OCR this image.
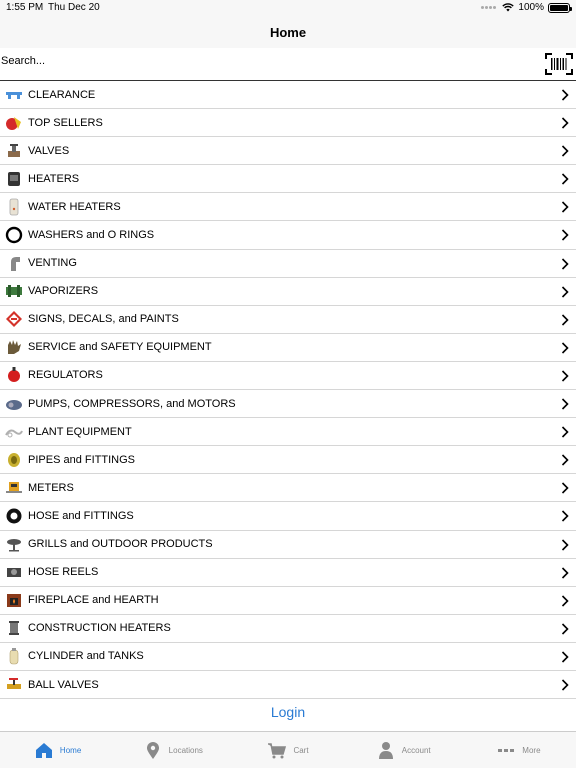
1:55 PM Thu Dec 20	100%
Home
Search...
CLEARANCE
TOP SELLERS
VALVES
HEATERS
WATER HEATERS
WASHERS and O RINGS
VENTING
VAPORIZERS
SIGNS, DECALS, and PAINTS
SERVICE and SAFETY EQUIPMENT
REGULATORS
PUMPS, COMPRESSORS, and MOTORS
PLANT EQUIPMENT
PIPES and FITTINGS
METERS
HOSE and FITTINGS
GRILLS and OUTDOOR PRODUCTS
HOSE REELS
FIREPLACE and HEARTH
CONSTRUCTION HEATERS
CYLINDER and TANKS
BALL VALVES
Login
Home	Locations	Cart	Account	More
